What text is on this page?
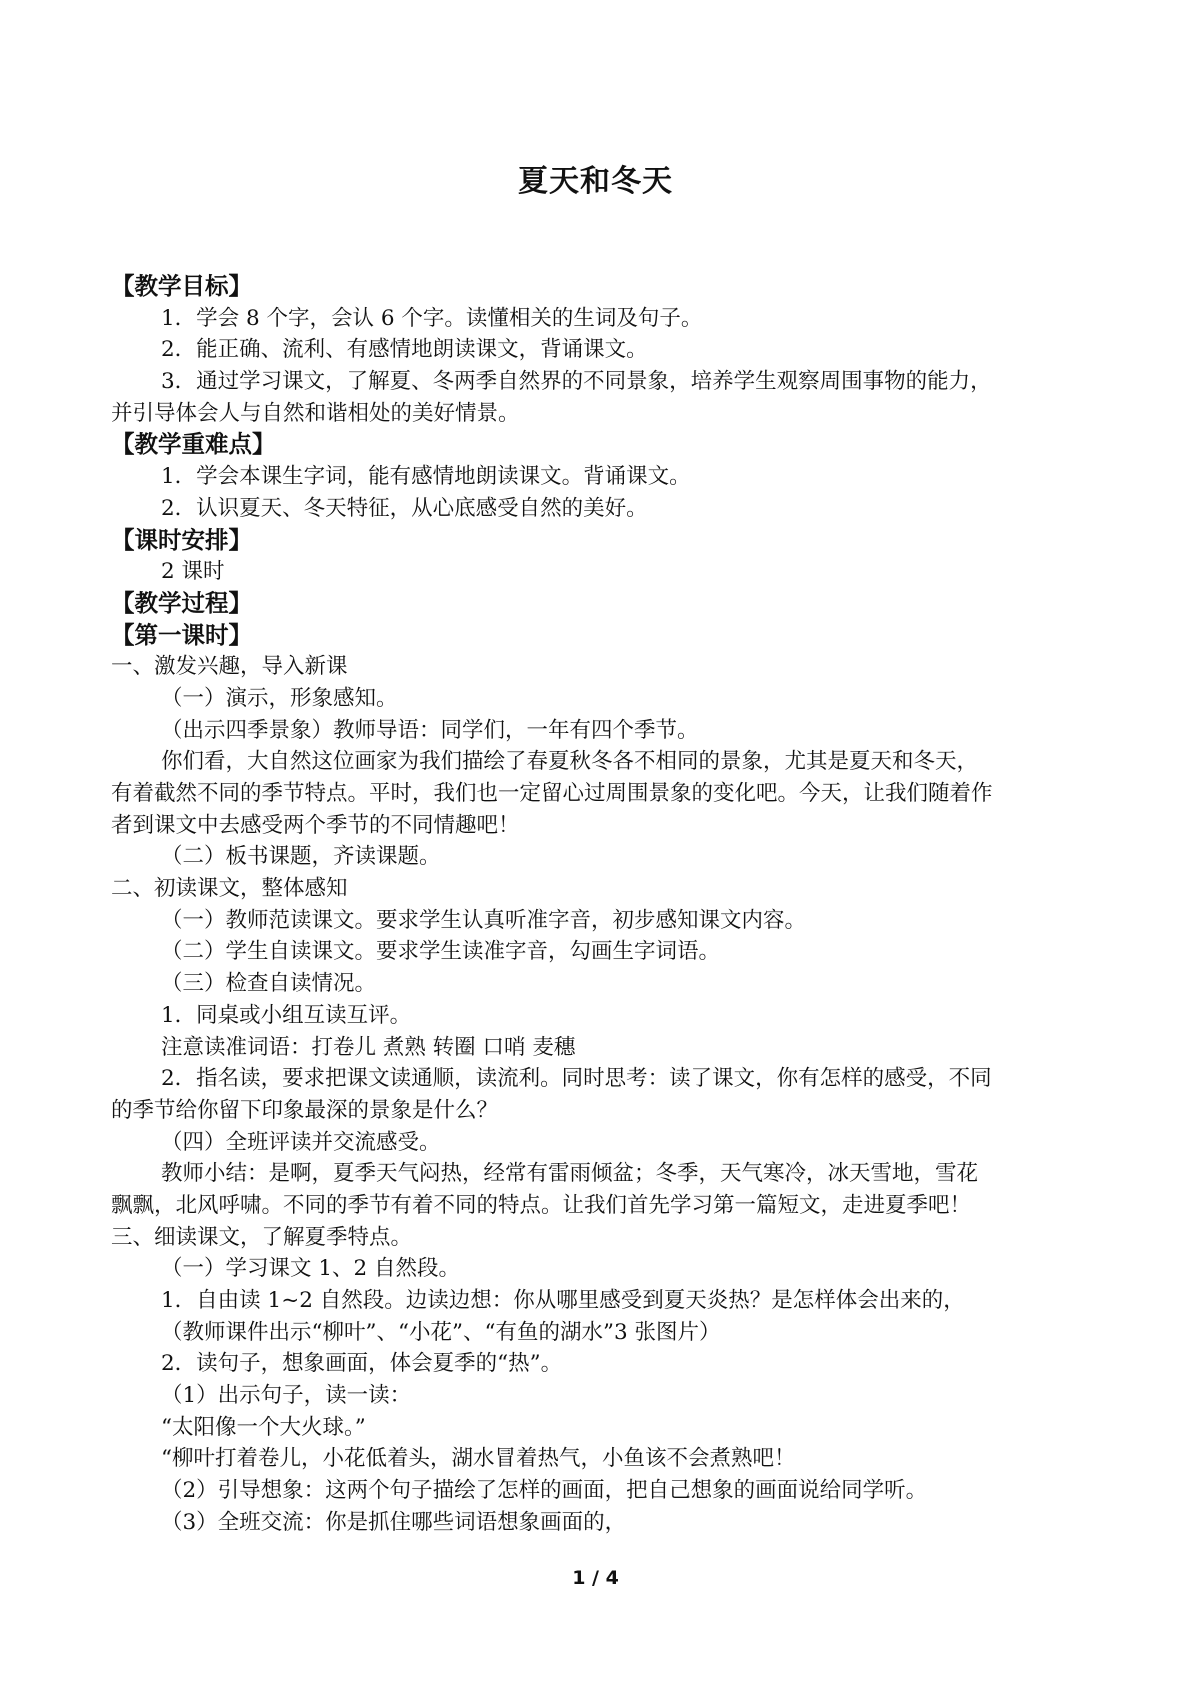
夏天和冬天
【教学目标】
1．学会 8 个字，会认 6 个字。读懂相关的生词及句子。
2．能正确、流利、有感情地朗读课文，背诵课文。
3．通过学习课文，了解夏、冬两季自然界的不同景象，培养学生观察周围事物的能力，
并引导体会人与自然和谐相处的美好情景。
【教学重难点】
1．学会本课生字词，能有感情地朗读课文。背诵课文。
2．认识夏天、冬天特征，从心底感受自然的美好。
【课时安排】
2 课时
【教学过程】
【第一课时】
一、激发兴趣，导入新课
（一）演示，形象感知。
（出示四季景象）教师导语：同学们，一年有四个季节。
你们看，大自然这位画家为我们描绘了春夏秋冬各不相同的景象，尤其是夏天和冬天，
有着截然不同的季节特点。平时，我们也一定留心过周围景象的变化吧。今天，让我们随着作
者到课文中去感受两个季节的不同情趣吧！
（二）板书课题，齐读课题。
二、初读课文，整体感知
（一）教师范读课文。要求学生认真听准字音，初步感知课文内容。
（二）学生自读课文。要求学生读准字音，勾画生字词语。
（三）检查自读情况。
1．同桌或小组互读互评。
注意读准词语：打卷儿 煮熟 转圈 口哨 麦穗
2．指名读，要求把课文读通顺，读流利。同时思考：读了课文，你有怎样的感受，不同
的季节给你留下印象最深的景象是什么？
（四）全班评读并交流感受。
教师小结：是啊，夏季天气闷热，经常有雷雨倾盆；冬季，天气寒冷，冰天雪地，雪花
飘飘，北风呼啸。不同的季节有着不同的特点。让我们首先学习第一篇短文，走进夏季吧！
三、细读课文，了解夏季特点。
（一）学习课文 1、2 自然段。
1．自由读 1~2 自然段。边读边想：你从哪里感受到夏天炎热？是怎样体会出来的，
（教师课件出示“柳叶”、“小花”、“有鱼的湖水”3 张图片）
2．读句子，想象画面，体会夏季的“热”。
（1）出示句子，读一读：
“太阳像一个大火球。”
“柳叶打着卷儿，小花低着头，湖水冒着热气，小鱼该不会煮熟吧！
（2）引导想象：这两个句子描绘了怎样的画面，把自己想象的画面说给同学听。
（3）全班交流：你是抓住哪些词语想象画面的，
1 / 4
